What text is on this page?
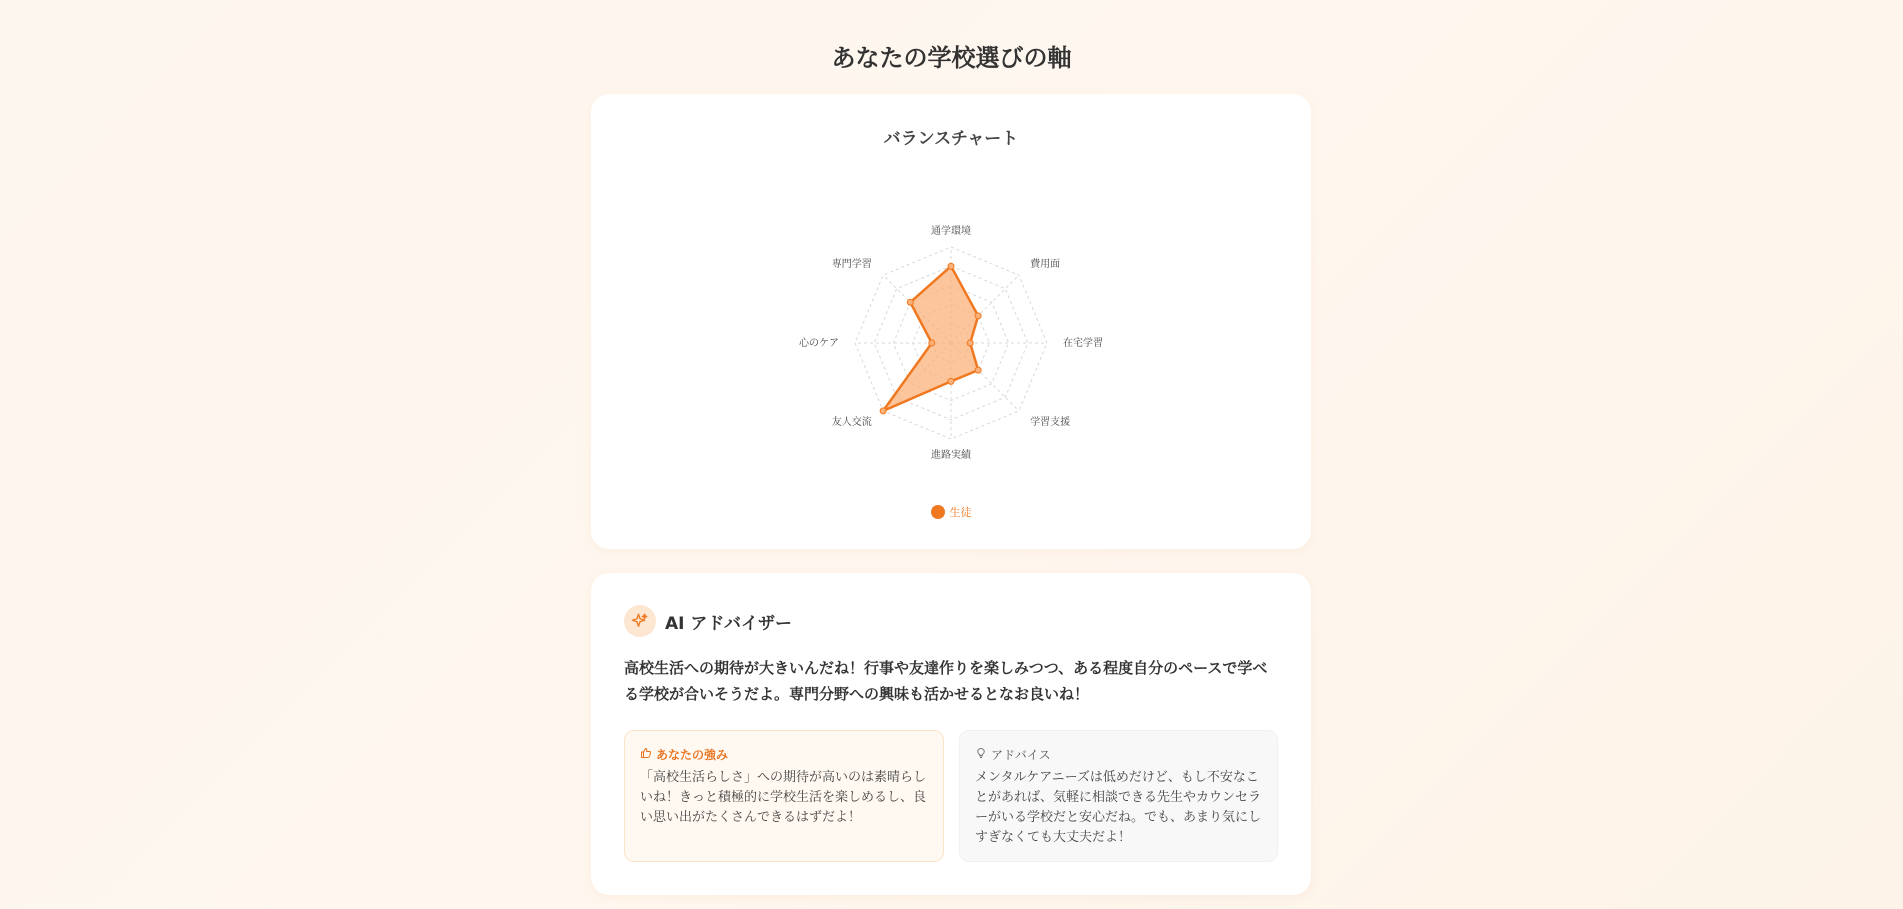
あなたの学校選びの軸
バランスチャート
通学環境
費用面
在宅学習
学習支援
進路実績
友人交流
心のケア
専門学習
生徒
AI アドバイザー

高校生活への期待が大きいんだね！行事や友達作りを楽しみつつ、ある程度自分のペースで学べる学校が合いそうだよ。専門分野への興味も活かせるとなお良いね！

あなたの強み

「高校生活らしさ」への期待が高いのは素晴らしいね！きっと積極的に学校生活を楽しめるし、良い思い出がたくさんできるはずだよ！

アドバイス

メンタルケアニーズは低めだけど、もし不安なことがあれば、気軽に相談できる先生やカウンセラーがいる学校だと安心だね。でも、あまり気にしすぎなくても大丈夫だよ！
